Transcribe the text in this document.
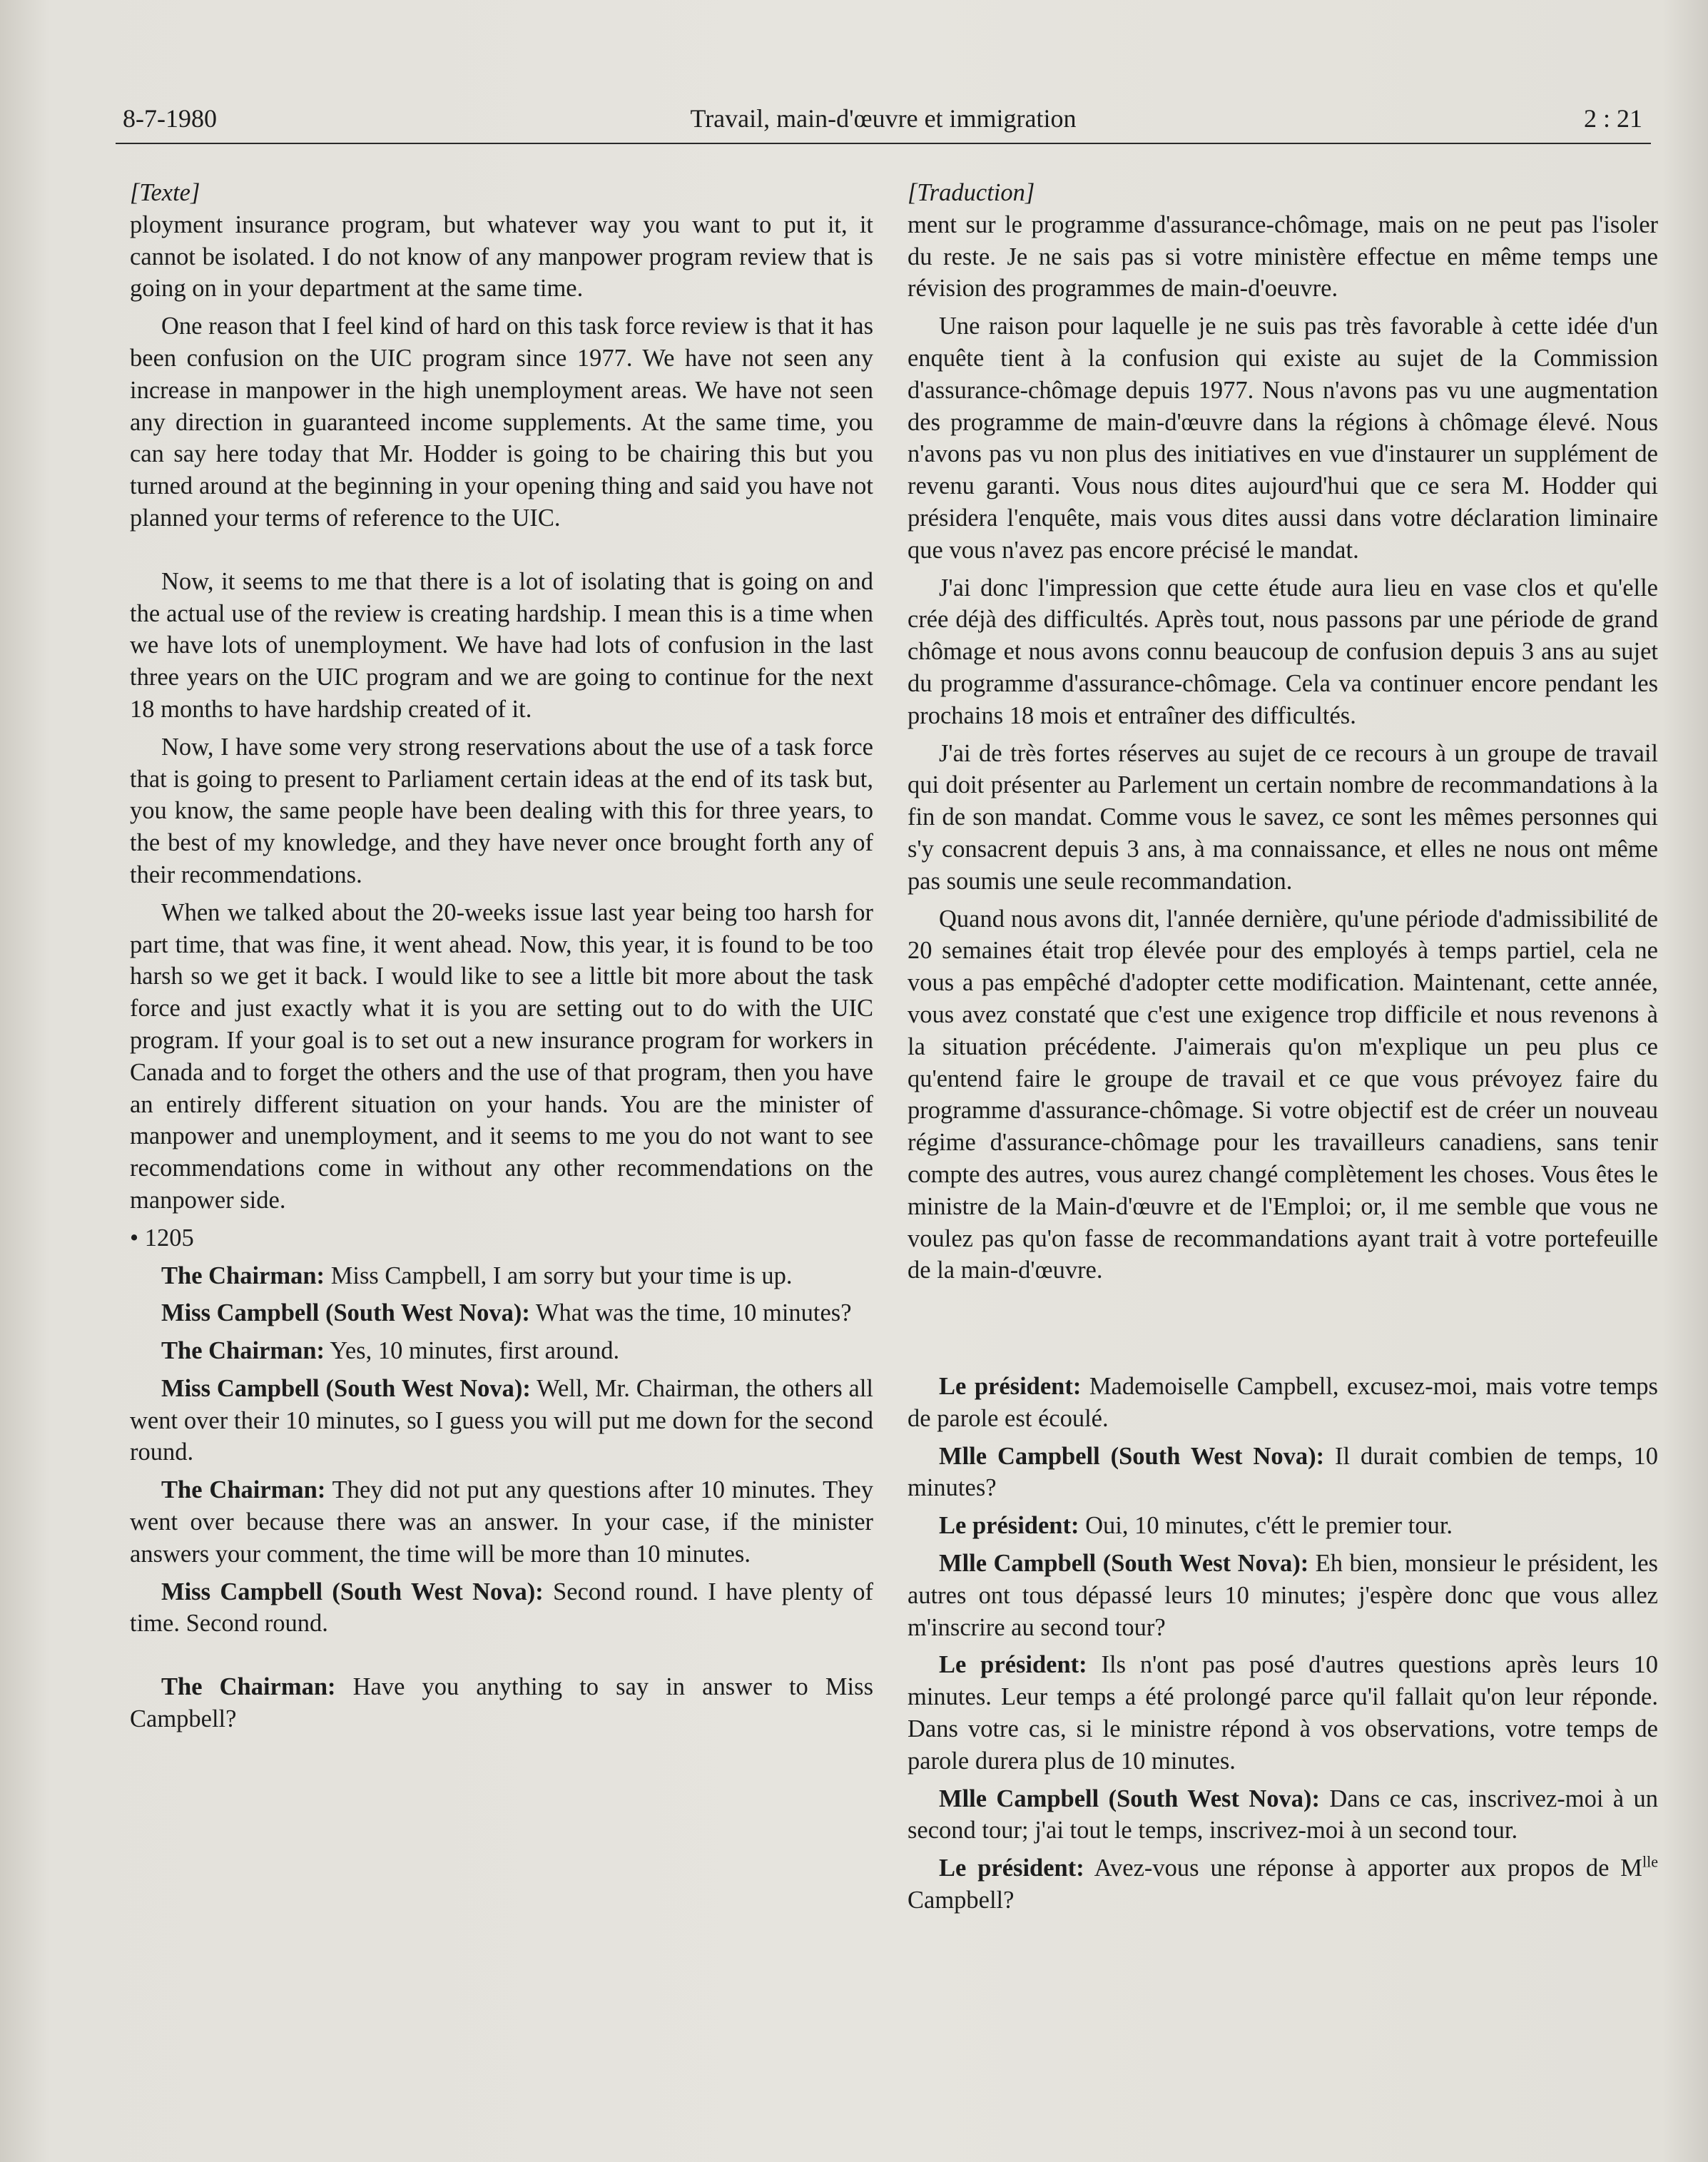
8-7-1980	Travail, main-d'œuvre et immigration	2 : 21

[Texte]

ployment insurance program, but whatever way you want to put it, it cannot be isolated. I do not know of any manpower program review that is going on in your department at the same time.

One reason that I feel kind of hard on this task force review is that it has been confusion on the UIC program since 1977. We have not seen any increase in manpower in the high unemployment areas. We have not seen any direction in guaranteed income supplements. At the same time, you can say here today that Mr. Hodder is going to be chairing this but you turned around at the beginning in your opening thing and said you have not planned your terms of reference to the UIC.

Now, it seems to me that there is a lot of isolating that is going on and the actual use of the review is creating hardship. I mean this is a time when we have lots of unemployment. We have had lots of confusion in the last three years on the UIC program and we are going to continue for the next 18 months to have hardship created of it.

Now, I have some very strong reservations about the use of a task force that is going to present to Parliament certain ideas at the end of its task but, you know, the same people have been dealing with this for three years, to the best of my knowledge, and they have never once brought forth any of their recommendations.

When we talked about the 20-weeks issue last year being too harsh for part time, that was fine, it went ahead. Now, this year, it is found to be too harsh so we get it back. I would like to see a little bit more about the task force and just exactly what it is you are setting out to do with the UIC program. If your goal is to set out a new insurance program for workers in Canada and to forget the others and the use of that program, then you have an entirely different situation on your hands. You are the minister of manpower and unemployment, and it seems to me you do not want to see recommendations come in without any other recommendations on the manpower side.

• 1205

The Chairman: Miss Campbell, I am sorry but your time is up.

Miss Campbell (South West Nova): What was the time, 10 minutes?

The Chairman: Yes, 10 minutes, first around.

Miss Campbell (South West Nova): Well, Mr. Chairman, the others all went over their 10 minutes, so I guess you will put me down for the second round.

The Chairman: They did not put any questions after 10 minutes. They went over because there was an answer. In your case, if the minister answers your comment, the time will be more than 10 minutes.

Miss Campbell (South West Nova): Second round. I have plenty of time. Second round.

The Chairman: Have you anything to say in answer to Miss Campbell?

[Traduction]

ment sur le programme d'assurance-chômage, mais on ne peut pas l'isoler du reste. Je ne sais pas si votre ministère effectue en même temps une révision des programmes de main-d'oeuvre.

Une raison pour laquelle je ne suis pas très favorable à cette idée d'un enquête tient à la confusion qui existe au sujet de la Commission d'assurance-chômage depuis 1977. Nous n'avons pas vu une augmentation des programme de main-d'œuvre dans la régions à chômage élevé. Nous n'avons pas vu non plus des initiatives en vue d'instaurer un supplément de revenu garanti. Vous nous dites aujourd'hui que ce sera M. Hodder qui présidera l'enquête, mais vous dites aussi dans votre déclaration liminaire que vous n'avez pas encore précisé le mandat.

J'ai donc l'impression que cette étude aura lieu en vase clos et qu'elle crée déjà des difficultés. Après tout, nous passons par une période de grand chômage et nous avons connu beaucoup de confusion depuis 3 ans au sujet du programme d'assurance-chômage. Cela va continuer encore pendant les prochains 18 mois et entraîner des difficultés.

J'ai de très fortes réserves au sujet de ce recours à un groupe de travail qui doit présenter au Parlement un certain nombre de recommandations à la fin de son mandat. Comme vous le savez, ce sont les mêmes personnes qui s'y consacrent depuis 3 ans, à ma connaissance, et elles ne nous ont même pas soumis une seule recommandation.

Quand nous avons dit, l'année dernière, qu'une période d'admissibilité de 20 semaines était trop élevée pour des employés à temps partiel, cela ne vous a pas empêché d'adopter cette modification. Maintenant, cette année, vous avez constaté que c'est une exigence trop difficile et nous revenons à la situation précédente. J'aimerais qu'on m'explique un peu plus ce qu'entend faire le groupe de travail et ce que vous prévoyez faire du programme d'assurance-chômage. Si votre objectif est de créer un nouveau régime d'assurance-chômage pour les travailleurs canadiens, sans tenir compte des autres, vous aurez changé complètement les choses. Vous êtes le ministre de la Main-d'œuvre et de l'Emploi; or, il me semble que vous ne voulez pas qu'on fasse de recommandations ayant trait à votre portefeuille de la main-d'œuvre.

Le président: Mademoiselle Campbell, excusez-moi, mais votre temps de parole est écoulé.

Mlle Campbell (South West Nova): Il durait combien de temps, 10 minutes?

Le président: Oui, 10 minutes, c'étt le premier tour.

Mlle Campbell (South West Nova): Eh bien, monsieur le président, les autres ont tous dépassé leurs 10 minutes; j'espère donc que vous allez m'inscrire au second tour?

Le président: Ils n'ont pas posé d'autres questions après leurs 10 minutes. Leur temps a été prolongé parce qu'il fallait qu'on leur réponde. Dans votre cas, si le ministre répond à vos observations, votre temps de parole durera plus de 10 minutes.

Mlle Campbell (South West Nova): Dans ce cas, inscrivez-moi à un second tour; j'ai tout le temps, inscrivez-moi à un second tour.

Le président: Avez-vous une réponse à apporter aux propos de $M^{lle}$ Campbell?
